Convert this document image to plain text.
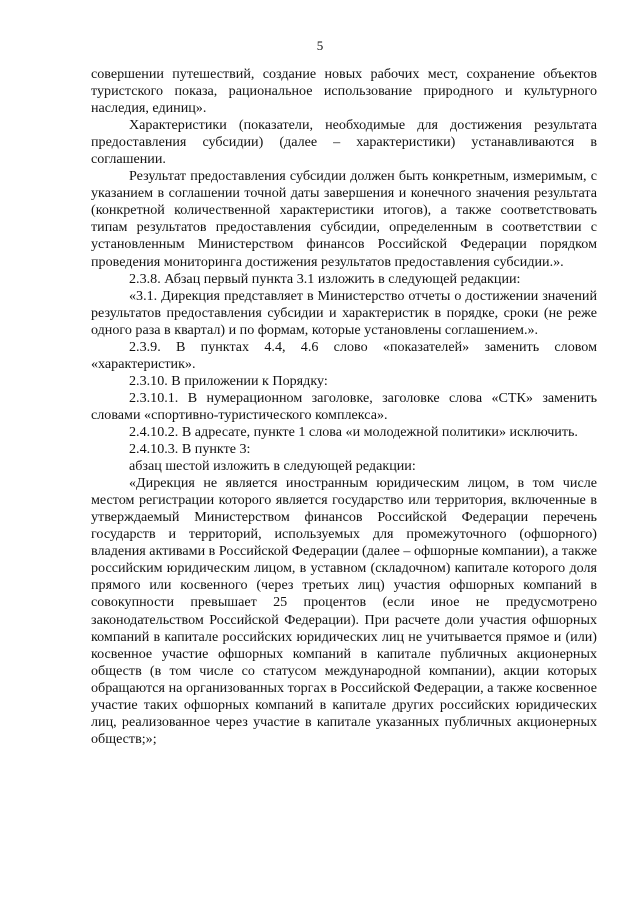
5

совершении путешествий, создание новых рабочих мест, сохранение объектов туристского показа, рациональное использование природного и культурного наследия, единиц».

Характеристики (показатели, необходимые для достижения результата предоставления субсидии) (далее – характеристики) устанавливаются в соглашении.

Результат предоставления субсидии должен быть конкретным, измеримым, с указанием в соглашении точной даты завершения и конечного значения результата (конкретной количественной характеристики итогов), а также соответствовать типам результатов предоставления субсидии, определенным в соответствии с установленным Министерством финансов Российской Федерации порядком проведения мониторинга достижения результатов предоставления субсидии.».

2.3.8. Абзац первый пункта 3.1 изложить в следующей редакции:

«3.1. Дирекция представляет в Министерство отчеты о достижении значений результатов предоставления субсидии и характеристик в порядке, сроки (не реже одного раза в квартал) и по формам, которые установлены соглашением.».

2.3.9. В пунктах 4.4, 4.6 слово «показателей» заменить словом «характеристик».

2.3.10. В приложении к Порядку:

2.3.10.1. В нумерационном заголовке, заголовке слова «СТК» заменить словами «спортивно-туристического комплекса».

2.4.10.2. В адресате, пункте 1 слова «и молодежной политики» исключить.

2.4.10.3. В пункте 3:

абзац шестой изложить в следующей редакции:

«Дирекция не является иностранным юридическим лицом, в том числе местом регистрации которого является государство или территория, включенные в утверждаемый Министерством финансов Российской Федерации перечень государств и территорий, используемых для промежуточного (офшорного) владения активами в Российской Федерации (далее – офшорные компании), а также российским юридическим лицом, в уставном (складочном) капитале которого доля прямого или косвенного (через третьих лиц) участия офшорных компаний в совокупности превышает 25 процентов (если иное не предусмотрено законодательством Российской Федерации). При расчете доли участия офшорных компаний в капитале российских юридических лиц не учитывается прямое и (или) косвенное участие офшорных компаний в капитале публичных акционерных обществ (в том числе со статусом международной компании), акции которых обращаются на организованных торгах в Российской Федерации, а также косвенное участие таких офшорных компаний в капитале других российских юридических лиц, реализованное через участие в капитале указанных публичных акционерных обществ;»;
